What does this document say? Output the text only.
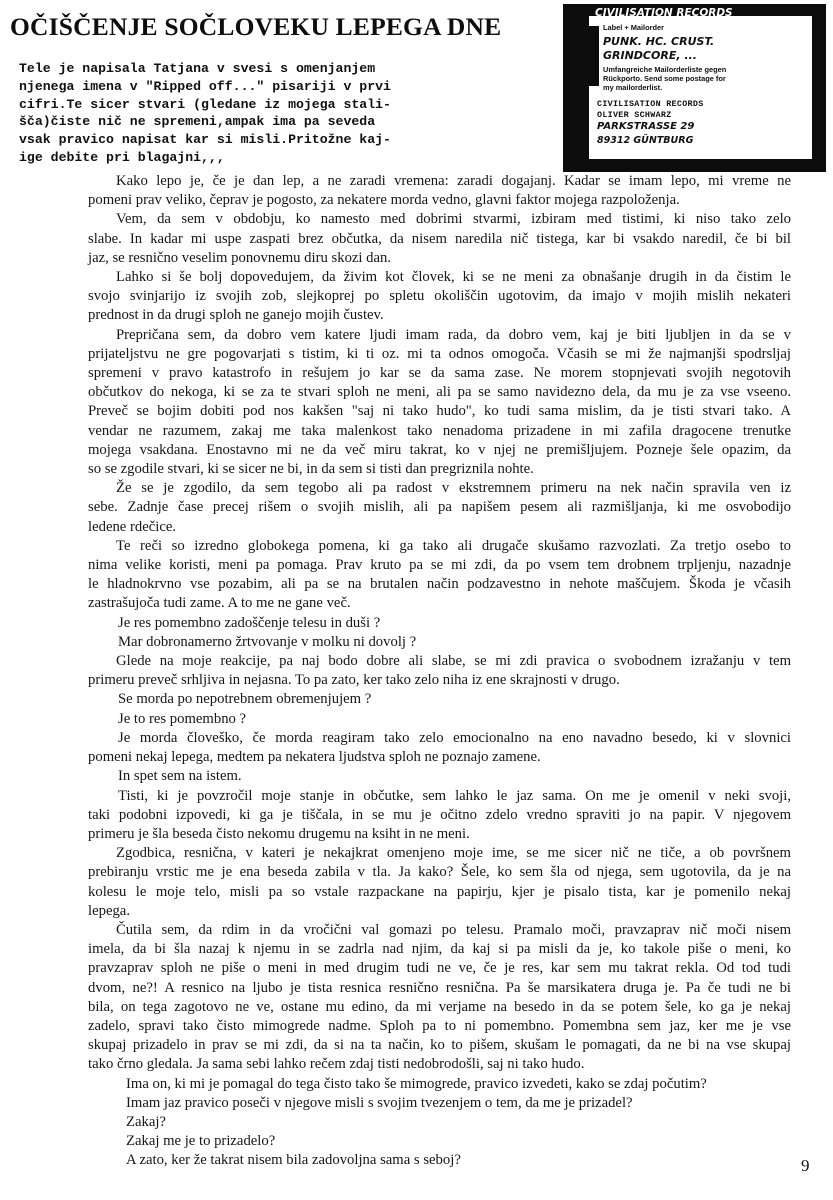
OČIŠČENJE SOČLOVEKU LEPEGA DNE
Tele je napisala Tatjana v svesi s omenjanjem
njenega imena v "Ripped off..." pisariji v prvi
cifri.Te sicer stvari (gledane iz mojega stali-
šča)čiste nič ne spremeni,ampak ima pa seveda
vsak pravico napisat kar si misli.Pritožne kaj-
ige debite pri blagajni,,,
CIVILISATION RECORDS
Label + Mailorder
PUNK. HC. CRUST.
GRINDCORE, ...
Umfangreiche Mailorderliste gegen
Rückporto. Send some postage for
my mailorderlist.
CIVILISATION RECORDS
OLIVER SCHWARZ
PARKSTRASSE 29
89312 GÜNTBURG
GERMANY
Kako lepo je, če je dan lep, a ne zaradi vremena: zaradi dogajanj. Kadar se imam lepo, mi vreme ne
pomeni prav veliko, čeprav je pogosto, za nekatere morda vedno, glavni faktor mojega razpoloženja.
Vem, da sem v obdobju, ko namesto med dobrimi stvarmi, izbiram med tistimi, ki niso tako zelo
slabe. In kadar mi uspe zaspati brez občutka, da nisem naredila nič tistega, kar bi vsakdo naredil, če bi bil
jaz, se resnično veselim ponovnemu diru skozi dan.
Lahko si še bolj dopovedujem, da živim kot človek, ki se ne meni za obnašanje drugih in da čistim le
svojo svinjarijo iz svojih zob, slejkoprej po spletu okoliščin ugotovim, da imajo v mojih mislih nekateri
prednost in da drugi sploh ne ganejo mojih čustev.
Prepričana sem, da dobro vem katere ljudi imam rada, da dobro vem, kaj je biti ljubljen in da se v
prijateljstvu ne gre pogovarjati s tistim, ki ti oz. mi ta odnos omogoča. Včasih se mi že najmanjši spodrsljaj
spremeni v pravo katastrofo in rešujem jo kar se da sama zase. Ne morem stopnjevati svojih negotovih
občutkov do nekoga, ki se za te stvari sploh ne meni, ali pa se samo navidezno dela, da mu je za vse vseeno.
Preveč se bojim dobiti pod nos kakšen "saj ni tako hudo", ko tudi sama mislim, da je tisti stvari tako. A
vendar ne razumem, zakaj me taka malenkost tako nenadoma prizadene in mi zafila dragocene trenutke
mojega vsakdana. Enostavno mi ne da več miru takrat, ko v njej ne premišljujem. Pozneje šele opazim, da
so se zgodile stvari, ki se sicer ne bi, in da sem si tisti dan pregriznila nohte.
Že se je zgodilo, da sem tegobo ali pa radost v ekstremnem primeru na nek način spravila ven iz
sebe. Zadnje čase precej rišem o svojih mislih, ali pa napišem pesem ali razmišljanja, ki me osvobodijo
ledene rdečice.
Te reči so izredno globokega pomena, ki ga tako ali drugače skušamo razvozlati. Za tretjo osebo to
nima velike koristi, meni pa pomaga. Prav kruto pa se mi zdi, da po vsem tem drobnem trpljenju, nazadnje
le hladnokrvno vse pozabim, ali pa se na brutalen način podzavestno in nehote maščujem. Škoda je včasih
zastrašujoča tudi zame. A to me ne gane več.
Je res pomembno zadoščenje telesu in duši ?
Mar dobronamerno žrtvovanje v molku ni dovolj ?
Glede na moje reakcije, pa naj bodo dobre ali slabe, se mi zdi pravica o svobodnem izražanju v tem
primeru preveč srhljiva in nejasna. To pa zato, ker tako zelo niha iz ene skrajnosti v drugo.
Se morda po nepotrebnem obremenjujem ?
Je to res pomembno ?
Je morda človeško, če morda reagiram tako zelo emocionalno na eno navadno besedo, ki v slovnici
pomeni nekaj lepega, medtem pa nekatera ljudstva sploh ne poznajo zamene.
In spet sem na istem.
Tisti, ki je povzročil moje stanje in občutke, sem lahko le jaz sama. On me je omenil v neki svoji,
taki podobni izpovedi, ki ga je tiščala, in se mu je očitno zdelo vredno spraviti jo na papir. V njegovem
primeru je šla beseda čisto nekomu drugemu na ksiht in ne meni.
Zgodbica, resnična, v kateri je nekajkrat omenjeno moje ime, se me sicer nič ne tiče, a ob površnem
prebiranju vrstic me je ena beseda zabila v tla. Ja kako? Šele, ko sem šla od njega, sem ugotovila, da je na
kolesu le moje telo, misli pa so vstale razpackane na papirju, kjer je pisalo tista, kar je pomenilo nekaj
lepega.
Čutila sem, da rdim in da vročični val gomazi po telesu. Pramalo moči, pravzaprav nič moči nisem
imela, da bi šla nazaj k njemu in se zadrla nad njim, da kaj si pa misli da je, ko takole piše o meni, ko
pravzaprav sploh ne piše o meni in med drugim tudi ne ve, če je res, kar sem mu takrat rekla. Od tod tudi
dvom, ne?! A resnico na ljubo je tista resnica resnično resnična. Pa še marsikatera druga je. Pa če tudi ne bi
bila, on tega zagotovo ne ve, ostane mu edino, da mi verjame na besedo in da se potem šele, ko ga je nekaj
zadelo, spravi tako čisto mimogrede nadme. Sploh pa to ni pomembno. Pomembna sem jaz, ker me je vse
skupaj prizadelo in prav se mi zdi, da si na ta način, ko to pišem, skušam le pomagati, da ne bi na vse skupaj
tako črno gledala. Ja sama sebi lahko rečem zdaj tisti nedobrodošli, saj ni tako hudo.
Ima on, ki mi je pomagal do tega čisto tako še mimogrede, pravico izvedeti, kako se zdaj počutim?
Imam jaz pravico poseči v njegove misli s svojim tvezenjem o tem, da me je prizadel?
Zakaj?
Zakaj me je to prizadelo?
A zato, ker že takrat nisem bila zadovoljna sama s seboj?	9
